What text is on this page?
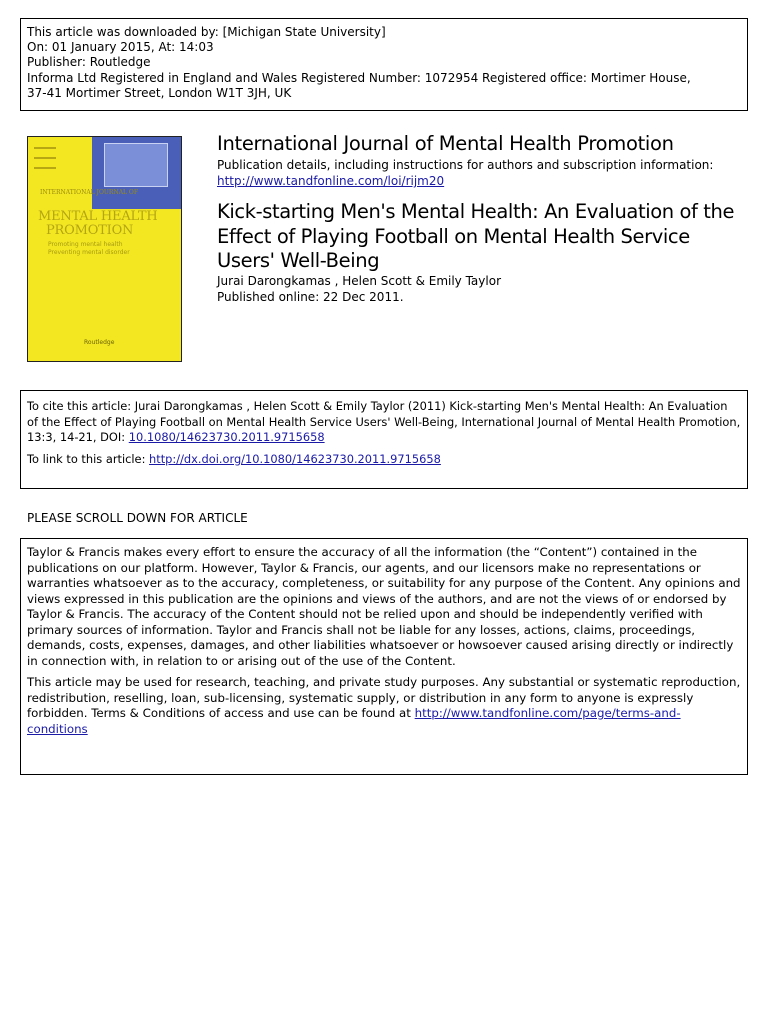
This article was downloaded by: [Michigan State University]
On: 01 January 2015, At: 14:03
Publisher: Routledge
Informa Ltd Registered in England and Wales Registered Number: 1072954 Registered office: Mortimer House,
37-41 Mortimer Street, London W1T 3JH, UK
INTERNATIONAL JOURNAL OF
MENTAL HEALTH
PROMOTION
Promoting mental health
Preventing mental disorder
Routledge
International Journal of Mental Health Promotion
Publication details, including instructions for authors and subscription information:
http://www.tandfonline.com/loi/rijm20
Kick-starting Men's Mental Health: An Evaluation of the Effect of Playing Football on Mental Health Service Users' Well-Being
Jurai Darongkamas , Helen Scott & Emily Taylor
Published online: 22 Dec 2011.

To cite this article: Jurai Darongkamas , Helen Scott & Emily Taylor (2011) Kick-starting Men's Mental Health: An Evaluation of the Effect of Playing Football on Mental Health Service Users' Well-Being, International Journal of Mental Health Promotion, 13:3, 14-21, DOI: 10.1080/14623730.2011.9715658

To link to this article: http://dx.doi.org/10.1080/14623730.2011.9715658

PLEASE SCROLL DOWN FOR ARTICLE

Taylor & Francis makes every effort to ensure the accuracy of all the information (the “Content”) contained in the publications on our platform. However, Taylor & Francis, our agents, and our licensors make no representations or warranties whatsoever as to the accuracy, completeness, or suitability for any purpose of the Content. Any opinions and views expressed in this publication are the opinions and views of the authors, and are not the views of or endorsed by Taylor & Francis. The accuracy of the Content should not be relied upon and should be independently verified with primary sources of information. Taylor and Francis shall not be liable for any losses, actions, claims, proceedings, demands, costs, expenses, damages, and other liabilities whatsoever or howsoever caused arising directly or indirectly in connection with, in relation to or arising out of the use of the Content.

This article may be used for research, teaching, and private study purposes. Any substantial or systematic reproduction, redistribution, reselling, loan, sub-licensing, systematic supply, or distribution in any form to anyone is expressly forbidden. Terms & Conditions of access and use can be found at http://www.tandfonline.com/page/terms-and-conditions
